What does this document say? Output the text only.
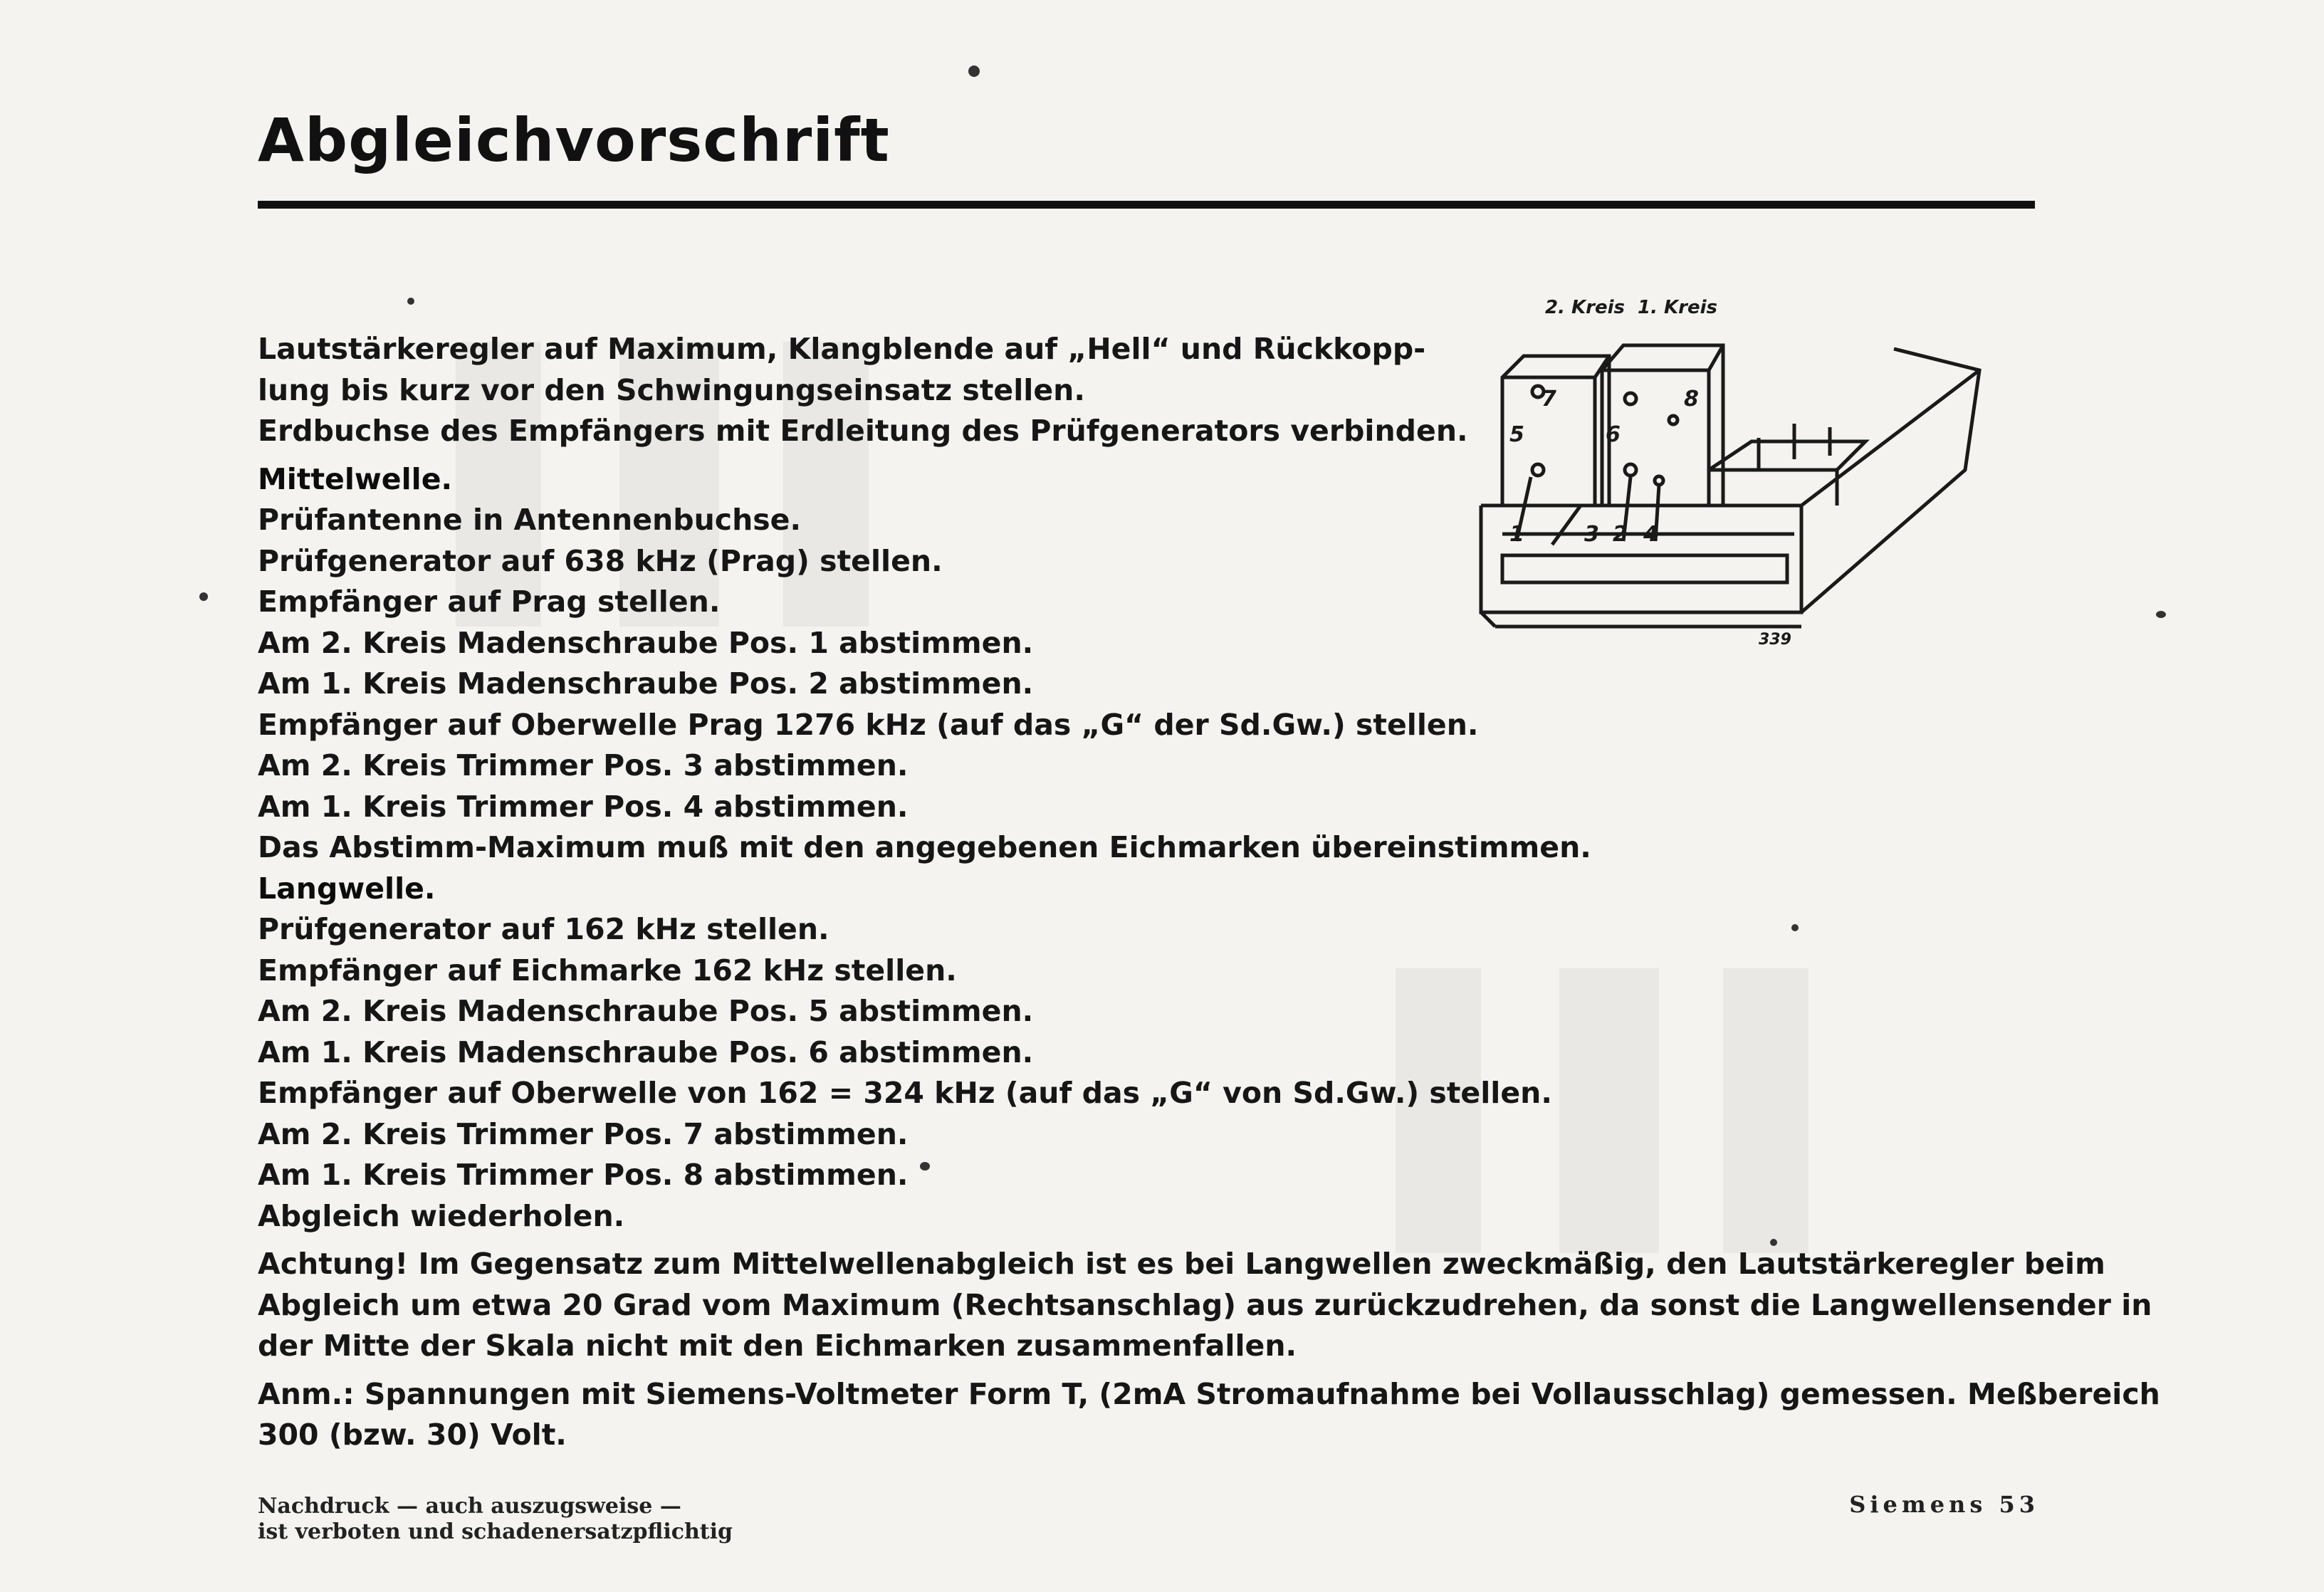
Abgleichvorschrift
Lautstärkeregler auf Maximum, Klangblende auf „Hell“ und Rückkopp-
lung bis kurz vor den Schwingungseinsatz stellen.
Erdbuchse des Empfängers mit Erdleitung des Prüfgenerators verbinden.
Mittelwelle.
Prüfantenne in Antennenbuchse.
Prüfgenerator auf 638 kHz (Prag) stellen.
Empfänger auf Prag stellen.
Am 2. Kreis Madenschraube Pos. 1 abstimmen.
Am 1. Kreis Madenschraube Pos. 2 abstimmen.
Empfänger auf Oberwelle Prag 1276 kHz (auf das „G“ der Sd.Gw.) stellen.
Am 2. Kreis Trimmer Pos. 3 abstimmen.
Am 1. Kreis Trimmer Pos. 4 abstimmen.
Das Abstimm-Maximum muß mit den angegebenen Eichmarken übereinstimmen.
Langwelle.
Prüfgenerator auf 162 kHz stellen.
Empfänger auf Eichmarke 162 kHz stellen.
Am 2. Kreis Madenschraube Pos. 5 abstimmen.
Am 1. Kreis Madenschraube Pos. 6 abstimmen.
Empfänger auf Oberwelle von 162 = 324 kHz (auf das „G“ von Sd.Gw.) stellen.
Am 2. Kreis Trimmer Pos. 7 abstimmen.
Am 1. Kreis Trimmer Pos. 8 abstimmen.
Abgleich wiederholen.
Achtung! Im Gegensatz zum Mittelwellenabgleich ist es bei Langwellen zweckmäßig, den Lautstärkeregler beim
Abgleich um etwa 20 Grad vom Maximum (Rechtsanschlag) aus zurückzudrehen, da sonst die Langwellensender in
der Mitte der Skala nicht mit den Eichmarken zusammenfallen.
Anm.: Spannungen mit Siemens-Voltmeter Form T, (2mA Stromaufnahme bei Vollausschlag) gemessen. Meßbereich
300 (bzw. 30) Volt.
2. Kreis 1. Kreis
1	2
3 4
5	6
7	8
339
Nachdruck — auch auszugsweise —
ist verboten und schadenersatzpflichtig
Siemens 53
